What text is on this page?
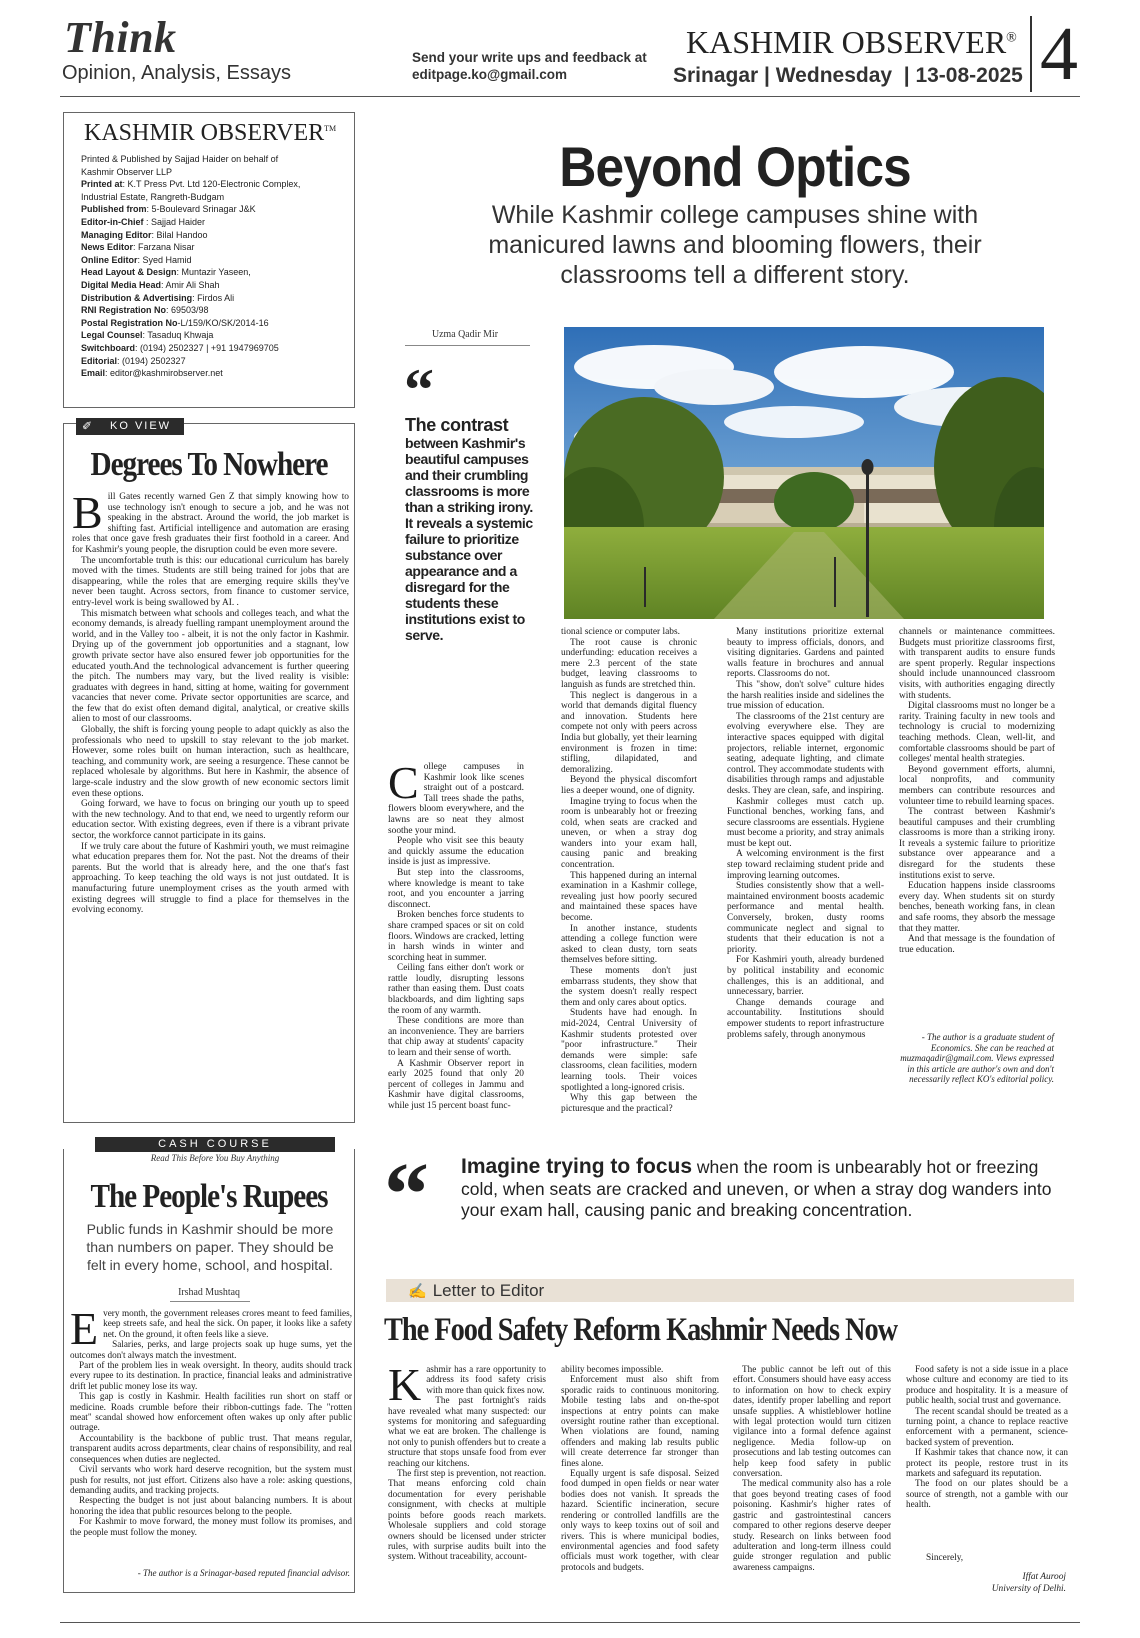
Think
Opinion, Analysis, Essays
Send your write ups and feedback at
editpage.ko@gmail.com
KASHMIR OBSERVER®
Srinagar | Wednesday  | 13-08-2025 4
KASHMIR OBSERVER™
Printed & Published by Sajjad Haider on behalf of
Kashmir Observer LLP
Printed at: K.T Press Pvt. Ltd 120-Electronic Complex,
Industrial Estate, Rangreth-Budgam
Published from: 5-Boulevard Srinagar J&K
Editor-in-Chief : Sajjad Haider
Managing Editor: Bilal Handoo
News Editor: Farzana Nisar
Online Editor: Syed Hamid
Head Layout & Design: Muntazir Yaseen,
Digital Media Head: Amir Ali Shah
Distribution & Advertising: Firdos Ali
RNI Registration No: 69503/98
Postal Registration No-L/159/KO/SK/2014-16
Legal Counsel: Tasaduq Khwaja
Switchboard: (0194) 2502327 | +91 1947969705
Editorial: (0194) 2502327
Email: editor@kashmirobserver.net
✐ KO VIEW
Degrees To Nowhere
B ill Gates recently warned Gen Z that simply knowing how to use technology isn't enough to secure a job, and he was not speaking in the abstract. Around the world, the job market is shifting fast. Artificial intelligence and automation are erasing roles that once gave fresh graduates their first foothold in a career. And for Kashmir's young people, the disruption could be even more severe.

The uncomfortable truth is this: our educational curriculum has barely moved with the times. Students are still being trained for jobs that are disappearing, while the roles that are emerging require skills they've never been taught. Across sectors, from finance to customer service, entry-level work is being swallowed by AI. .

This mismatch between what schools and colleges teach, and what the economy demands, is already fuelling rampant unemployment around the world, and in the Valley too - albeit, it is not the only factor in Kashmir. Drying up of the government job opportunities and a stagnant, low growth private sector have also ensured fewer job opportunities for the educated youth.And the technological advancement is further queering the pitch. The numbers may vary, but the lived reality is visible: graduates with degrees in hand, sitting at home, waiting for government vacancies that never come. Private sector opportunities are scarce, and the few that do exist often demand digital, analytical, or creative skills alien to most of our classrooms.

Globally, the shift is forcing young people to adapt quickly as also the professionals who need to upskill to stay relevant to the job market. However, some roles built on human interaction, such as healthcare, teaching, and community work, are seeing a resurgence. These cannot be replaced wholesale by algorithms. But here in Kashmir, the absence of large-scale industry and the slow growth of new economic sectors limit even these options.

Going forward, we have to focus on bringing our youth up to speed with the new technology. And to that end, we need to urgently reform our education sector. With existing degrees, even if there is a vibrant private sector, the workforce cannot participate in its gains.

If we truly care about the future of Kashmiri youth, we must reimagine what education prepares them for. Not the past. Not the dreams of their parents. But the world that is already here, and the one that's fast approaching. To keep teaching the old ways is not just outdated. It is manufacturing future unemployment crises as the youth armed with existing degrees will struggle to find a place for themselves in the evolving economy.

CASH COURSE
Read This Before You Buy Anything
The People's Rupees
Public funds in Kashmir should be more than numbers on paper. They should be felt in every home, school, and hospital.
Irshad Mushtaq
E very month, the government releases crores meant to feed families, keep streets safe, and heal the sick. On paper, it looks like a safety net. On the ground, it often feels like a sieve.

Salaries, perks, and large projects soak up huge sums, yet the outcomes don't always match the investment.

Part of the problem lies in weak oversight. In theory, audits should track every rupee to its destination. In practice, financial leaks and administrative drift let public money lose its way.

This gap is costly in Kashmir. Health facilities run short on staff or medicine. Roads crumble before their ribbon-cuttings fade. The "rotten meat" scandal showed how enforcement often wakes up only after public outrage.

Accountability is the backbone of public trust. That means regular, transparent audits across departments, clear chains of responsibility, and real consequences when duties are neglected.

Civil servants who work hard deserve recognition, but the system must push for results, not just effort. Citizens also have a role: asking questions, demanding audits, and tracking projects.

Respecting the budget is not just about balancing numbers. It is about honoring the idea that public resources belong to the people.

For Kashmir to move forward, the money must follow its promises, and the people must follow the money.

- The author is a Srinagar-based reputed financial advisor.
Beyond Optics
While Kashmir college campuses shine with manicured lawns and blooming flowers, their classrooms tell a different story.
Uzma Qadir Mir
“
The contrast
between Kashmir's beautiful campuses and their crumbling classrooms is more than a striking irony. It reveals a systemic failure to prioritize substance over appearance and a disregard for the students these institutions exist to serve.
C ollege campuses in Kashmir look like scenes straight out of a postcard. Tall trees shade the paths, flowers bloom everywhere, and the lawns are so neat they almost soothe your mind.

People who visit see this beauty and quickly assume the education inside is just as impressive.

But step into the classrooms, where knowledge is meant to take root, and you encounter a jarring disconnect.

Broken benches force students to share cramped spaces or sit on cold floors. Windows are cracked, letting in harsh winds in winter and scorching heat in summer.

Ceiling fans either don't work or rattle loudly, disrupting lessons rather than easing them. Dust coats blackboards, and dim lighting saps the room of any warmth.

These conditions are more than an inconvenience. They are barriers that chip away at students' capacity to learn and their sense of worth.

A Kashmir Observer report in early 2025 found that only 20 percent of colleges in Jammu and Kashmir have digital classrooms, while just 15 percent boast func-

tional science or computer labs.

The root cause is chronic underfunding: education receives a mere 2.3 percent of the state budget, leaving classrooms to languish as funds are stretched thin.

This neglect is dangerous in a world that demands digital fluency and innovation. Students here compete not only with peers across India but globally, yet their learning environment is frozen in time: stifling, dilapidated, and demoralizing.

Beyond the physical discomfort lies a deeper wound, one of dignity.

Imagine trying to focus when the room is unbearably hot or freezing cold, when seats are cracked and uneven, or when a stray dog wanders into your exam hall, causing panic and breaking concentration.

This happened during an internal examination in a Kashmir college, revealing just how poorly secured and maintained these spaces have become.

In another instance, students attending a college function were asked to clean dusty, torn seats themselves before sitting.

These moments don't just embarrass students, they show that the system doesn't really respect them and only cares about optics.

Students have had enough. In mid-2024, Central University of Kashmir students protested over "poor infrastructure." Their demands were simple: safe classrooms, clean facilities, modern learning tools. Their voices spotlighted a long-ignored crisis.

Why this gap between the picturesque and the practical?

Many institutions prioritize external beauty to impress officials, donors, and visiting dignitaries. Gardens and painted walls feature in brochures and annual reports. Classrooms do not.

This "show, don't solve" culture hides the harsh realities inside and sidelines the true mission of education.

The classrooms of the 21st century are evolving everywhere else. They are interactive spaces equipped with digital projectors, reliable internet, ergonomic seating, adequate lighting, and climate control. They accommodate students with disabilities through ramps and adjustable desks. They are clean, safe, and inspiring.

Kashmir colleges must catch up. Functional benches, working fans, and secure classrooms are essentials. Hygiene must become a priority, and stray animals must be kept out.

A welcoming environment is the first step toward reclaiming student pride and improving learning outcomes.

Studies consistently show that a well-maintained environment boosts academic performance and mental health. Conversely, broken, dusty rooms communicate neglect and signal to students that their education is not a priority.

For Kashmiri youth, already burdened by political instability and economic challenges, this is an additional, and unnecessary, barrier.

Change demands courage and accountability. Institutions should empower students to report infrastructure problems safely, through anonymous

channels or maintenance committees. Budgets must prioritize classrooms first, with transparent audits to ensure funds are spent properly. Regular inspections should include unannounced classroom visits, with authorities engaging directly with students.

Digital classrooms must no longer be a rarity. Training faculty in new tools and technology is crucial to modernizing teaching methods. Clean, well-lit, and comfortable classrooms should be part of colleges' mental health strategies.

Beyond government efforts, alumni, local nonprofits, and community members can contribute resources and volunteer time to rebuild learning spaces.

The contrast between Kashmir's beautiful campuses and their crumbling classrooms is more than a striking irony. It reveals a systemic failure to prioritize substance over appearance and a disregard for the students these institutions exist to serve.

Education happens inside classrooms every day. When students sit on sturdy benches, beneath working fans, in clean and safe rooms, they absorb the message that they matter.

And that message is the foundation of true education.

- The author is a graduate student of Economics. She can be reached at muzmaqadir@gmail.com. Views expressed in this article are author's own and don't necessarily reflect KO's editorial policy.
“ Imagine trying to focus when the room is unbearably hot or freezing cold, when seats are cracked and uneven, or when a stray dog wanders into your exam hall, causing panic and breaking concentration.
✍ Letter to Editor
The Food Safety Reform Kashmir Needs Now
K ashmir has a rare opportunity to address its food safety crisis with more than quick fixes now.

The past fortnight's raids have revealed what many suspected: our systems for monitoring and safeguarding what we eat are broken. The challenge is not only to punish offenders but to create a structure that stops unsafe food from ever reaching our kitchens.

The first step is prevention, not reaction. That means enforcing cold chain documentation for every perishable consignment, with checks at multiple points before goods reach markets. Wholesale suppliers and cold storage owners should be licensed under stricter rules, with surprise audits built into the system. Without traceability, account-

ability becomes impossible.

Enforcement must also shift from sporadic raids to continuous monitoring. Mobile testing labs and on-the-spot inspections at entry points can make oversight routine rather than exceptional. When violations are found, naming offenders and making lab results public will create deterrence far stronger than fines alone.

Equally urgent is safe disposal. Seized food dumped in open fields or near water bodies does not vanish. It spreads the hazard. Scientific incineration, secure rendering or controlled landfills are the only ways to keep toxins out of soil and rivers. This is where municipal bodies, environmental agencies and food safety officials must work together, with clear protocols and budgets.

The public cannot be left out of this effort. Consumers should have easy access to information on how to check expiry dates, identify proper labelling and report unsafe supplies. A whistleblower hotline with legal protection would turn citizen vigilance into a formal defence against negligence. Media follow-up on prosecutions and lab testing outcomes can help keep food safety in public conversation.

The medical community also has a role that goes beyond treating cases of food poisoning. Kashmir's higher rates of gastric and gastrointestinal cancers compared to other regions deserve deeper study. Research on links between food adulteration and long-term illness could guide stronger regulation and public awareness campaigns.

Food safety is not a side issue in a place whose culture and economy are tied to its produce and hospitality. It is a measure of public health, social trust and governance.

The recent scandal should be treated as a turning point, a chance to replace reactive enforcement with a permanent, science-backed system of prevention.

If Kashmir takes that chance now, it can protect its people, restore trust in its markets and safeguard its reputation.

The food on our plates should be a source of strength, not a gamble with our health.

Sincerely,
Iffat Aurooj
University of Delhi.
